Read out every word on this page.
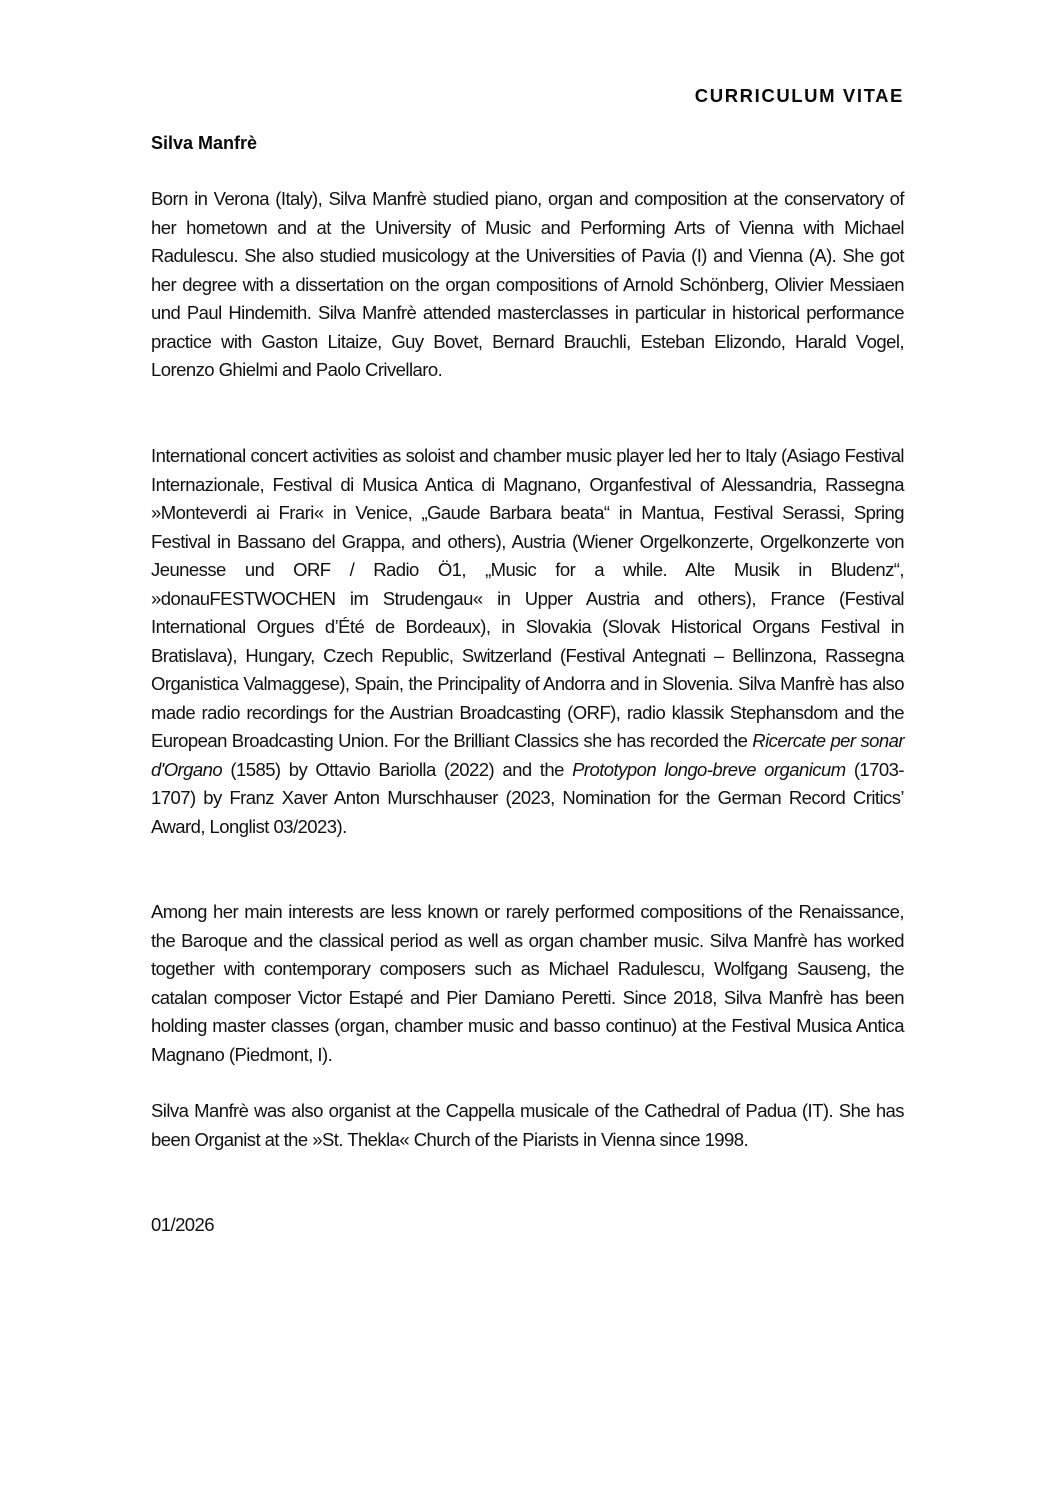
CURRICULUM VITAE
Silva Manfrè

Born in Verona (Italy), Silva Manfrè studied piano, organ and composition at the conservatory of her hometown and at the University of Music and Performing Arts of Vienna with Michael Radulescu. She also studied musicology at the Universities of Pavia (I) and Vienna (A). She got her degree with a dissertation on the organ compositions of Arnold Schönberg, Olivier Messiaen und Paul Hindemith. Silva Manfrè attended masterclasses in particular in historical performance practice with Gaston Litaize, Guy Bovet, Bernard Brauchli, Esteban Elizondo, Harald Vogel, Lorenzo Ghielmi and Paolo Crivellaro.

International concert activities as soloist and chamber music player led her to Italy (Asiago Festival Internazionale, Festival di Musica Antica di Magnano, Organfestival of Alessandria, Rassegna »Monteverdi ai Frari« in Venice, „Gaude Barbara beata“ in Mantua, Festival Serassi, Spring Festival in Bassano del Grappa, and others), Austria (Wiener Orgelkonzerte, Orgelkonzerte von Jeunesse und ORF / Radio Ö1, „Music for a while. Alte Musik in Bludenz“, »donauFESTWOCHEN im Strudengau« in Upper Austria and others), France (Festival International Orgues d’Été de Bordeaux), in Slovakia (Slovak Historical Organs Festival in Bratislava), Hungary, Czech Republic, Switzerland (Festival Antegnati – Bellinzona, Rassegna Organistica Valmaggese), Spain, the Principality of Andorra and in Slovenia. Silva Manfrè has also made radio recordings for the Austrian Broadcasting (ORF), radio klassik Stephansdom and the European Broadcasting Union. For the Brilliant Classics she has recorded the Ricercate per sonar d'Organo (1585) by Ottavio Bariolla (2022) and the Prototypon longo-breve organicum (1703-1707) by Franz Xaver Anton Murschhauser (2023, Nomination for the German Record Critics’ Award, Longlist 03/2023).

Among her main interests are less known or rarely performed compositions of the Renaissance, the Baroque and the classical period as well as organ chamber music. Silva Manfrè has worked together with contemporary composers such as Michael Radulescu, Wolfgang Sauseng, the catalan composer Victor Estapé and Pier Damiano Peretti. Since 2018, Silva Manfrè has been holding master classes (organ, chamber music and basso continuo) at the Festival Musica Antica Magnano (Piedmont, I).

Silva Manfrè was also organist at the Cappella musicale of the Cathedral of Padua (IT). She has been Organist at the »St. Thekla« Church of the Piarists in Vienna since 1998.

01/2026
